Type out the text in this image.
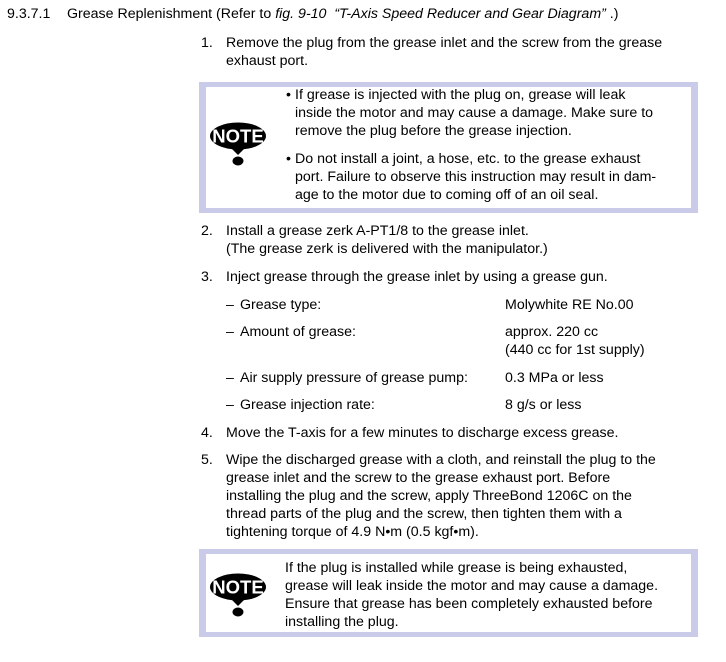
9.3.7.1 Grease Replenishment (Refer to fig. 9-10  “T-Axis Speed Reducer and Gear Diagram” .)
1. Remove the plug from the grease inlet and the screw from the grease
exhaust port.
NOTE
• If grease is injected with the plug on, grease will leak
inside the motor and may cause a damage. Make sure to
remove the plug before the grease injection.
• Do not install a joint, a hose, etc. to the grease exhaust
port. Failure to observe this instruction may result in dam-
age to the motor due to coming off of an oil seal.
2. Install a grease zerk A-PT1/8 to the grease inlet.
(The grease zerk is delivered with the manipulator.)
3. Inject grease through the grease inlet by using a grease gun.
– Grease type:	Molywhite RE No.00
– Amount of grease:	approx. 220 cc
(440 cc for 1st supply)
– Air supply pressure of grease pump:	0.3 MPa or less
– Grease injection rate:	8 g/s or less
4. Move the T-axis for a few minutes to discharge excess grease.
5. Wipe the discharged grease with a cloth, and reinstall the plug to the
grease inlet and the screw to the grease exhaust port. Before
installing the plug and the screw, apply ThreeBond 1206C on the
thread parts of the plug and the screw, then tighten them with a
tightening torque of 4.9 N•m (0.5 kgf•m).
NOTE
If the plug is installed while grease is being exhausted,
grease will leak inside the motor and may cause a damage.
Ensure that grease has been completely exhausted before
installing the plug.
